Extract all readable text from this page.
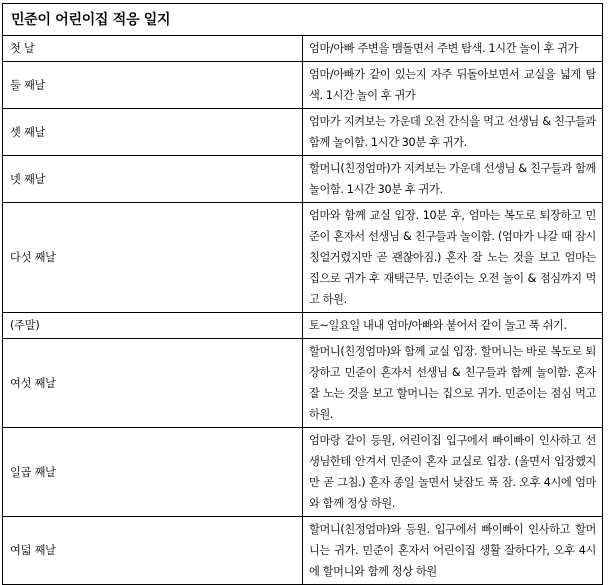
민준이 어린이집 적응 일지	
첫 날	엄마/아빠 주변을 맴돌면서 주변 탐색. 1시간 놀이 후 귀가
둘 째날	엄마/아빠가 같이 있는지 자주 뒤돌아보면서 교실을 넓게 탐색. 1시간 놀이 후 귀가
셋 째날	엄마가 지켜보는 가운데 오전 간식을 먹고 선생님 & 친구들과 함께 놀이함. 1시간 30분 후 귀가.
넷 째날	할머니(친정엄마)가 지켜보는 가운데 선생님 & 친구들과 함께 놀이함. 1시간 30분 후 귀가.
다섯 째날	엄마와 함께 교실 입장. 10분 후, 엄마는 복도로 퇴장하고 민준이 혼자서 선생님 & 친구들과 놀이함. (엄마가 나갈 때 잠시 칭얼거렸지만 곧 괜찮아짐.) 혼자 잘 노는 것을 보고 엄마는 집으로 귀가 후 재택근무. 민준이는 오전 놀이 & 점심까지 먹고 하원.
(주말)	토~일요일 내내 엄마/아빠와 붙어서 같이 놀고 푹 쉬기.
여섯 째날	할머니(친정엄마)와 함께 교실 입장. 할머니는 바로 복도로 퇴장하고 민준이 혼자서 선생님 & 친구들과 함께 놀이함. 혼자 잘 노는 것을 보고 할머니는 집으로 귀가. 민준이는 점심 먹고 하원.
일곱 째날	엄마랑 같이 등원, 어린이집 입구에서 빠이빠이 인사하고 선생님한테 안겨서 민준이 혼자 교실로 입장. (울면서 입장했지만 곧 그침.) 혼자 종일 놀면서 낮잠도 푹 잠. 오후 4시에 엄마와 함께 정상 하원.
여덟 째날	할머니(친정엄마)와 등원. 입구에서 빠이빠이 인사하고 할머니는 귀가. 민준이 혼자서 어린이집 생활 잘하다가, 오후 4시에 할머니와 함께 정상 하원
